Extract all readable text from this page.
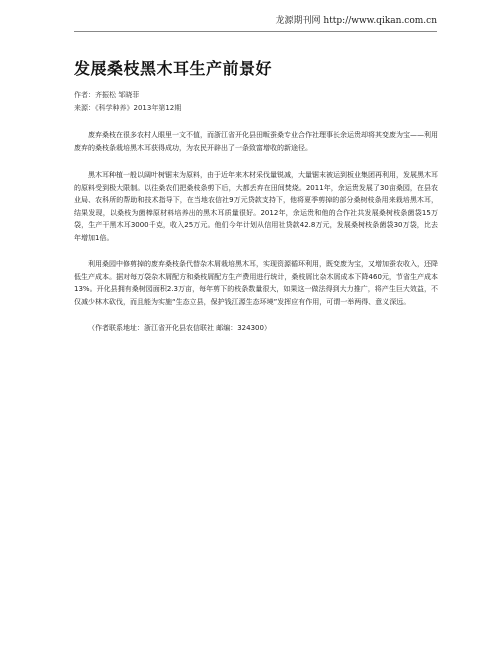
龙源期刊网 http://www.qikan.com.cn
发展桑枝黑木耳生产前景好
作者：齐振松 邹晓菲
来源：《科学种养》2013年第12期

废弃桑枝在很多农村人眼里一文不值，而浙江省开化县田畈蚕桑专业合作社理事长余运贵却将其变废为宝——利用废弃的桑枝条栽培黑木耳获得成功，为农民开辟出了一条致富增收的新途径。

黑木耳种植一般以阔叶树锯末为原料，由于近年来木材采伐量锐减，大量锯末被运到板业集团再利用，发展黑木耳的原料受到极大限制。以往桑农们把桑枝条剪下后，大都丢弃在田间焚烧。2011年，余运贵发展了30亩桑园，在县农业局、农科所的帮助和技术指导下，在当地农信社9万元贷款支持下，他将夏季剪掉的部分桑树枝条用来栽培黑木耳，结果发现，以桑枝为菌棒原材料培养出的黑木耳质量很好。2012年，余运贵和他的合作社共发展桑树枝条菌袋15万袋，生产干黑木耳3000千克，收入25万元。他们今年计划从信用社贷款42.8万元，发展桑树枝条菌袋30万袋，比去年增加1倍。

利用桑园中修剪掉的废弃桑枝条代替杂木屑栽培黑木耳，实现资源循环利用，既变废为宝，又增加蚕农收入，还降低生产成本。据对每万袋杂木屑配方和桑枝屑配方生产费用进行统计，桑枝屑比杂木屑成本下降460元，节省生产成本13%。开化县拥有桑树园面积2.3万亩，每年剪下的枝条数量很大，如果这一做法得到大力推广，将产生巨大效益，不仅减少林木砍伐，而且能为实施“生态立县，保护钱江源生态环境”发挥应有作用，可谓一举两得、意义深远。

（作者联系地址：浙江省开化县农信联社 邮编：324300）
